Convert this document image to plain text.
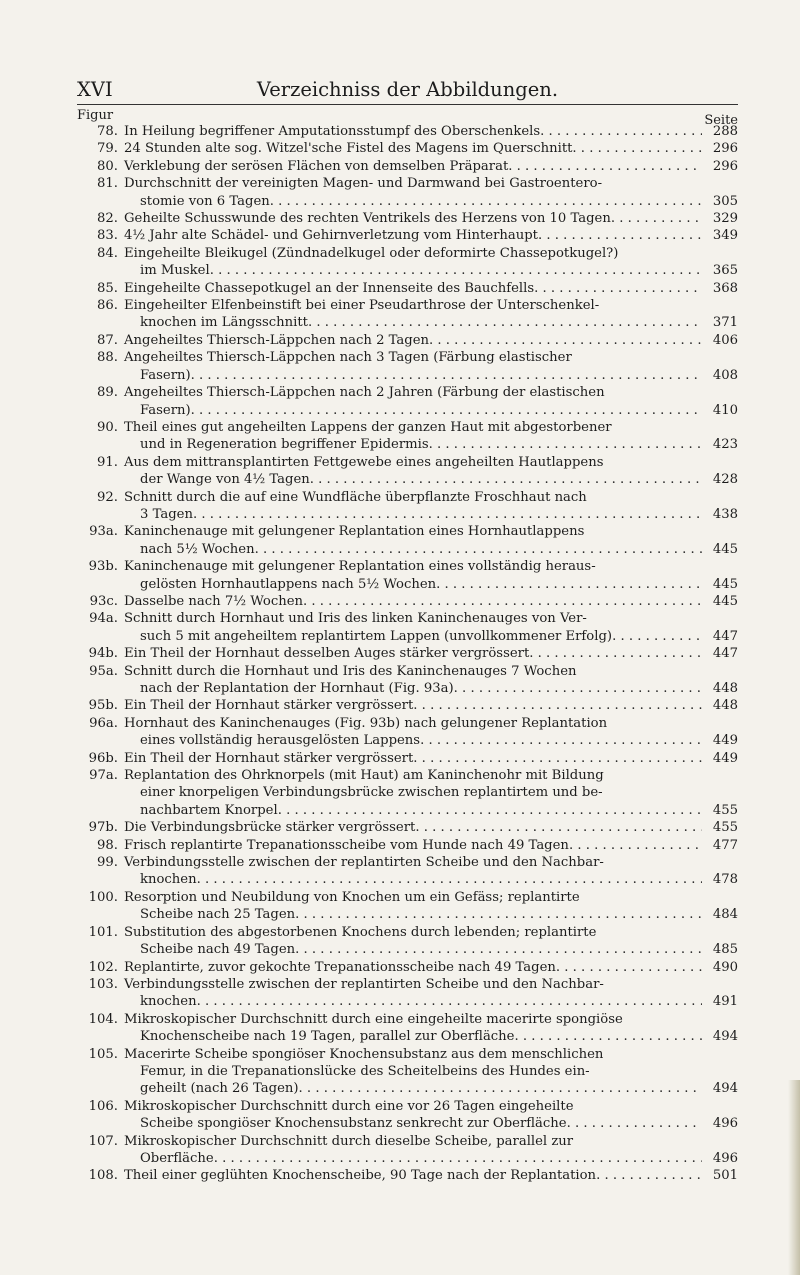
XVI	Verzeichniss der Abbildungen.
Figur	Seite
78. In Heilung begriffener Amputationsstumpf des Oberschenkels . . .	288
79. 24 Stunden alte sog. Witzel'sche Fistel des Magens im Querschnitt . . .	296
80. Verklebung der serösen Flächen von demselben Präparat . . .	296
81. Durchschnitt der vereinigten Magen- und Darmwand bei Gastroentero-
stomie von 6 Tagen . . .	305
82. Geheilte Schusswunde des rechten Ventrikels des Herzens von 10 Tagen . . .	329
83. 4½ Jahr alte Schädel- und Gehirnverletzung vom Hinterhaupt . . .	349
84. Eingeheilte Bleikugel (Zündnadelkugel oder deformirte Chassepotkugel?)
im Muskel . . .	365
85. Eingeheilte Chassepotkugel an der Innenseite des Bauchfells . . .	368
86. Eingeheilter Elfenbeinstift bei einer Pseudarthrose der Unterschenkel-
knochen im Längsschnitt . . .	371
87. Angeheiltes Thiersch-Läppchen nach 2 Tagen . . .	406
88. Angeheiltes Thiersch-Läppchen nach 3 Tagen (Färbung elastischer
Fasern) . . .	408
89. Angeheiltes Thiersch-Läppchen nach 2 Jahren (Färbung der elastischen
Fasern) . . .	410
90. Theil eines gut angeheilten Lappens der ganzen Haut mit abgestorbener
und in Regeneration begriffener Epidermis . . .	423
91. Aus dem mittransplantirten Fettgewebe eines angeheilten Hautlappens
der Wange von 4½ Tagen . . .	428
92. Schnitt durch die auf eine Wundfläche überpflanzte Froschhaut nach
3 Tagen . . .	438
93a. Kaninchenauge mit gelungener Replantation eines Hornhautlappens
nach 5½ Wochen . . .	445
93b. Kaninchenauge mit gelungener Replantation eines vollständig heraus-
gelösten Hornhautlappens nach 5½ Wochen . . .	445
93c. Dasselbe nach 7½ Wochen . . .	445
94a. Schnitt durch Hornhaut und Iris des linken Kaninchenauges von Ver-
such 5 mit angeheiltem replantirtem Lappen (unvollkommener Erfolg) . . .	447
94b. Ein Theil der Hornhaut desselben Auges stärker vergrössert . . .	447
95a. Schnitt durch die Hornhaut und Iris des Kaninchenauges 7 Wochen
nach der Replantation der Hornhaut (Fig. 93a) . . .	448
95b. Ein Theil der Hornhaut stärker vergrössert . . .	448
96a. Hornhaut des Kaninchenauges (Fig. 93b) nach gelungener Replantation
eines vollständig herausgelösten Lappens . . .	449
96b. Ein Theil der Hornhaut stärker vergrössert . . .	449
97a. Replantation des Ohrknorpels (mit Haut) am Kaninchenohr mit Bildung
einer knorpeligen Verbindungsbrücke zwischen replantirtem und be-
nachbartem Knorpel . . .	455
97b. Die Verbindungsbrücke stärker vergrössert . . .	455
98. Frisch replantirte Trepanationsscheibe vom Hunde nach 49 Tagen . . .	477
99. Verbindungsstelle zwischen der replantirten Scheibe und den Nachbar-
knochen . . .	478
100. Resorption und Neubildung von Knochen um ein Gefäss; replantirte
Scheibe nach 25 Tagen . . .	484
101. Substitution des abgestorbenen Knochens durch lebenden; replantirte
Scheibe nach 49 Tagen . . .	485
102. Replantirte, zuvor gekochte Trepanationsscheibe nach 49 Tagen . . .	490
103. Verbindungsstelle zwischen der replantirten Scheibe und den Nachbar-
knochen . . .	491
104. Mikroskopischer Durchschnitt durch eine eingeheilte macerirte spongiöse
Knochenscheibe nach 19 Tagen, parallel zur Oberfläche . . .	494
105. Macerirte Scheibe spongiöser Knochensubstanz aus dem menschlichen
Femur, in die Trepanationslücke des Scheitelbeins des Hundes ein-
geheilt (nach 26 Tagen) . . .	494
106. Mikroskopischer Durchschnitt durch eine vor 26 Tagen eingeheilte
Scheibe spongiöser Knochensubstanz senkrecht zur Oberfläche . . .	496
107. Mikroskopischer Durchschnitt durch dieselbe Scheibe, parallel zur
Oberfläche . . .	496
108. Theil einer geglühten Knochenscheibe, 90 Tage nach der Replantation . . .	501
